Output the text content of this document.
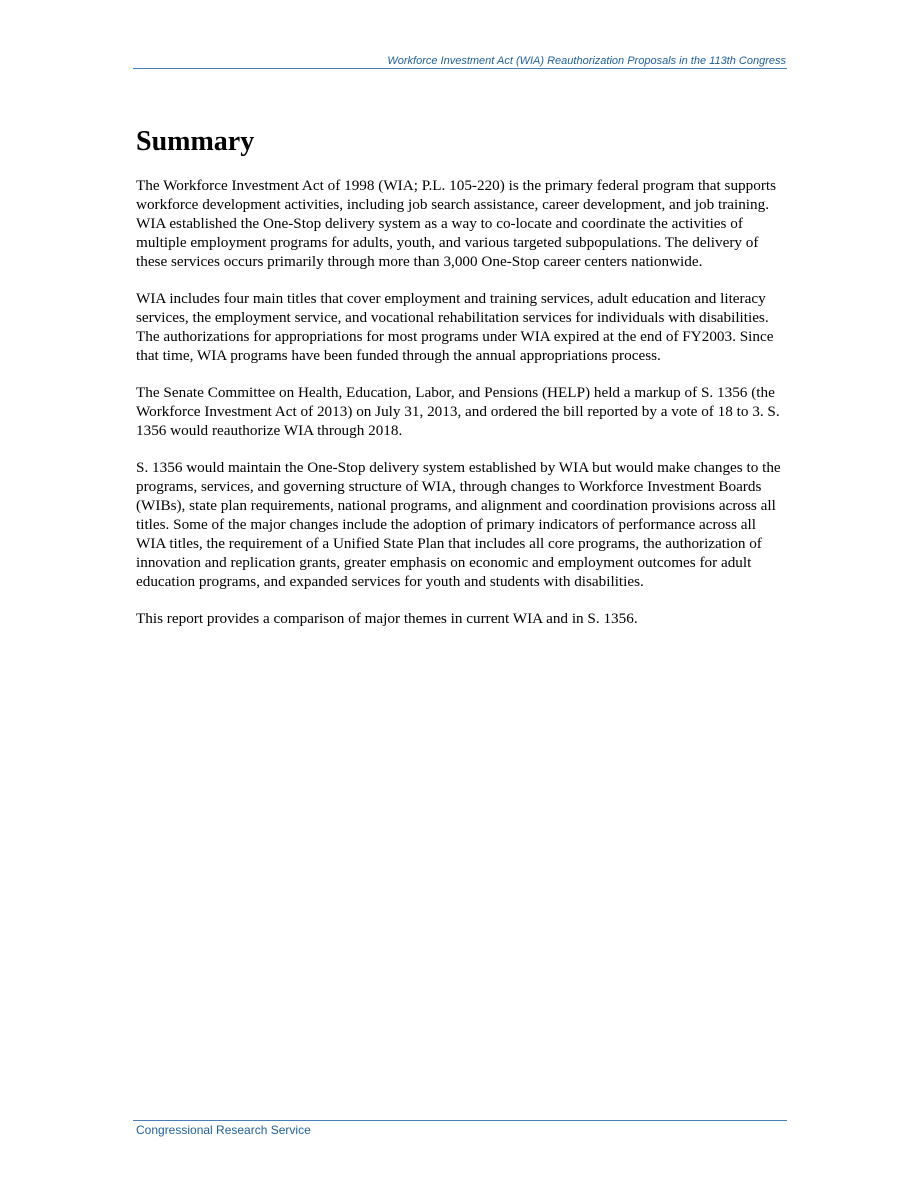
Workforce Investment Act (WIA) Reauthorization Proposals in the 113th Congress
Summary

The Workforce Investment Act of 1998 (WIA; P.L. 105-220) is the primary federal program that supports workforce development activities, including job search assistance, career development, and job training. WIA established the One-Stop delivery system as a way to co-locate and coordinate the activities of multiple employment programs for adults, youth, and various targeted subpopulations. The delivery of these services occurs primarily through more than 3,000 One-Stop career centers nationwide.

WIA includes four main titles that cover employment and training services, adult education and literacy services, the employment service, and vocational rehabilitation services for individuals with disabilities. The authorizations for appropriations for most programs under WIA expired at the end of FY2003. Since that time, WIA programs have been funded through the annual appropriations process.

The Senate Committee on Health, Education, Labor, and Pensions (HELP) held a markup of S. 1356 (the Workforce Investment Act of 2013) on July 31, 2013, and ordered the bill reported by a vote of 18 to 3. S. 1356 would reauthorize WIA through 2018.

S. 1356 would maintain the One-Stop delivery system established by WIA but would make changes to the programs, services, and governing structure of WIA, through changes to Workforce Investment Boards (WIBs), state plan requirements, national programs, and alignment and coordination provisions across all titles. Some of the major changes include the adoption of primary indicators of performance across all WIA titles, the requirement of a Unified State Plan that includes all core programs, the authorization of innovation and replication grants, greater emphasis on economic and employment outcomes for adult education programs, and expanded services for youth and students with disabilities.

This report provides a comparison of major themes in current WIA and in S. 1356.

Congressional Research Service
